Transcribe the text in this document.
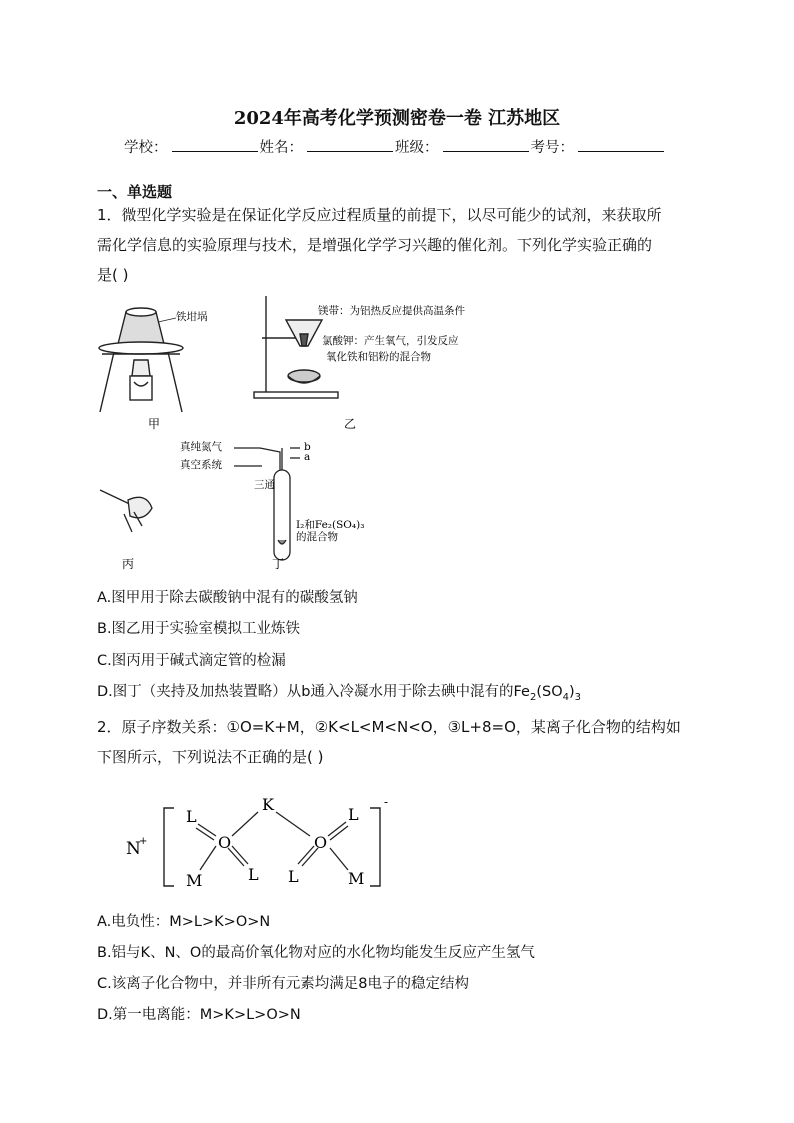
2024年高考化学预测密卷一卷 江苏地区
学校：	姓名：	班级：	考号：
一、单选题
1．微型化学实验是在保证化学反应过程质量的前提下，以尽可能少的试剂，来获取所
需化学信息的实验原理与技术，是增强化学学习兴趣的催化剂。下列化学实验正确的
是( )
铁坩埚
甲
镁带：为铝热反应提供高温条件
氯酸钾：产生氧气，引发反应
氧化铁和铝粉的混合物
乙
真纯氮气
真空系统
三通
b
a
I₂和Fe₂(SO₄)₃
的混合物
丁
丙
A.图甲用于除去碳酸钠中混有的碳酸氢钠
B.图乙用于实验室模拟工业炼铁
C.图丙用于碱式滴定管的检漏
D.图丁（夹持及加热装置略）从b通入冷凝水用于除去碘中混有的$Fe_2(SO_4)_3$
2．原子序数关系：①O=K+M，②K<L<M<N<O，③L+8=O，某离子化合物的结构如
下图所示，下列说法不正确的是( )
N
+
-
L
O
M	L
K
L
O
L	M
A.电负性：M>L>K>O>N
B.铝与K、N、O的最高价氧化物对应的水化物均能发生反应产生氢气
C.该离子化合物中，并非所有元素均满足8电子的稳定结构
D.第一电离能：M>K>L>O>N
